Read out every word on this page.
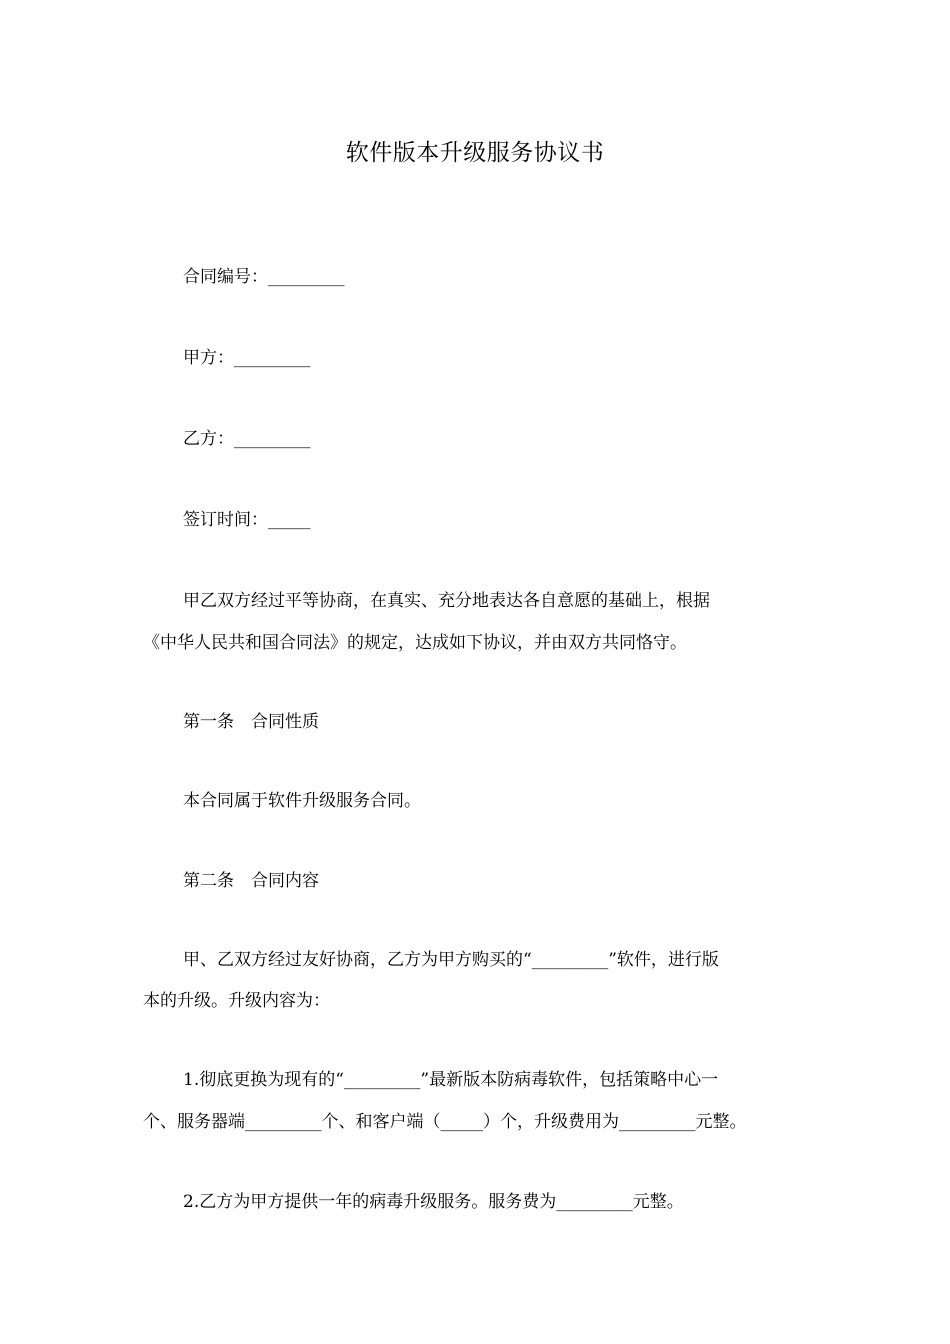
软件版本升级服务协议书
合同编号：_________
甲方：_________
乙方：_________
签订时间：_____
甲乙双方经过平等协商，在真实、充分地表达各自意愿的基础上，根据
《中华人民共和国合同法》的规定，达成如下协议，并由双方共同恪守。
第一条　合同性质
本合同属于软件升级服务合同。
第二条　合同内容
甲、乙双方经过友好协商，乙方为甲方购买的“_________”软件，进行版
本的升级。升级内容为：
1.彻底更换为现有的“_________”最新版本防病毒软件，包括策略中心一
个、服务器端_________个、和客户端（_____）个，升级费用为_________元整。
2.乙方为甲方提供一年的病毒升级服务。服务费为_________元整。
